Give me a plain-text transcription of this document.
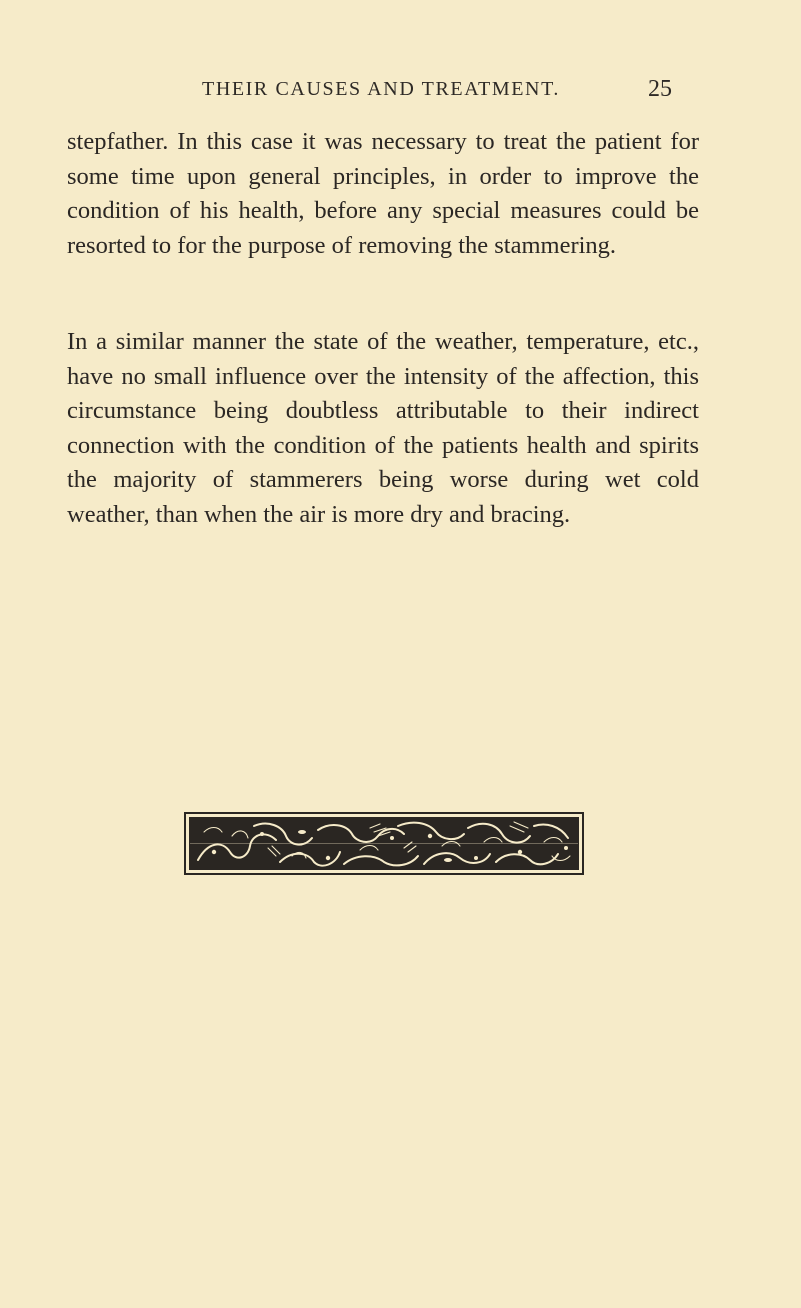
THEIR CAUSES AND TREATMENT.	25

stepfather. In this case it was necessary to treat the patient for some time upon general principles, in order to improve the condition of his health, before any special measures could be resorted to for the purpose of removing the stammering.

In a similar manner the state of the weather, temperature, etc., have no small influence over the intensity of the affection, this circumstance being doubtless attributable to their indirect connection with the condition of the patients health and spirits the majority of stammerers being worse during wet cold weather, than when the air is more dry and bracing.
